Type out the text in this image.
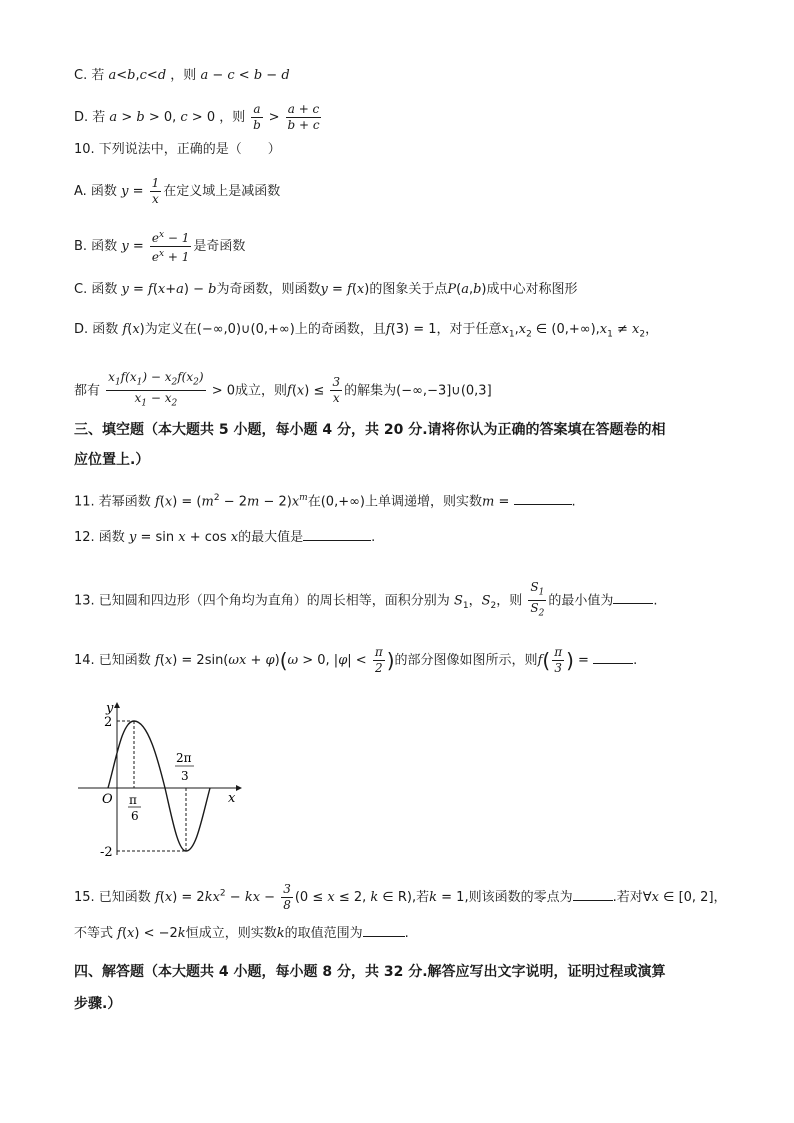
C. 若 a<b,c<d ，则 a − c < b − d
D. 若 a > b > 0, c > 0 ，则 $\frac{a}{b} > \frac{a + c}{b + c}$
10. 下列说法中，正确的是（　　）
A. 函数 $y = \frac{1}{x}$ 在定义域上是减函数
B. 函数 $y = \frac{e^x - 1}{e^x + 1}$ 是奇函数
C. 函数 y = f(x+a) − b为奇函数，则函数y = f(x)的图象关于点P(a,b)成中心对称图形
D. 函数 f(x)为定义在(−∞,0)∪(0,+∞)上的奇函数，且f(3) = 1，对于任意$x_1,x_2$ ∈ $(0,+\infty),x_1 \ne x_2$，
都有 $\frac{x_1f(x_1) - x_2f(x_2)}{x_1 - x_2} > 0$成立，则$f(x) \le \frac{3}{x}$ 的解集为(−∞,−3]∪(0,3]
三、填空题（本大题共 5 小题，每小题 4 分，共 20 分.请将你认为正确的答案填在答题卷的相
应位置上.）
11. 若幂函数 $f(x) = (m^2 - 2m - 2)x^m$在(0,+∞)上单调递增，则实数m =	.
12. 函数 y = sin x + cos x的最大值是	.
13. 已知圆和四边形（四个角均为直角）的周长相等，面积分别为 $S_1$，$S_2$，则 $\frac{S_1}{S_2}$ 的最小值为	.
14. 已知函数 f(x) = 2sin(ωx + φ)(ω > 0, $|\varphi| < \frac{\pi}{2}$ )的部分图像如图所示，则$f( \frac{\pi}{3}$ ) =	.
y
x
O
2
-2
π
6
2π
3
15. 已知函数 $f(x) = 2kx^2$ − kx − $\frac{3}{8} (0 \le x \le 2$, k ∈ R),若k = 1,则该函数的零点为	.若对∀x ∈ [0, 2]，
不等式 f(x) < −2k恒成立，则实数k的取值范围为	.
四、解答题（本大题共 4 小题，每小题 8 分，共 32 分.解答应写出文字说明，证明过程或演算
步骤.）
